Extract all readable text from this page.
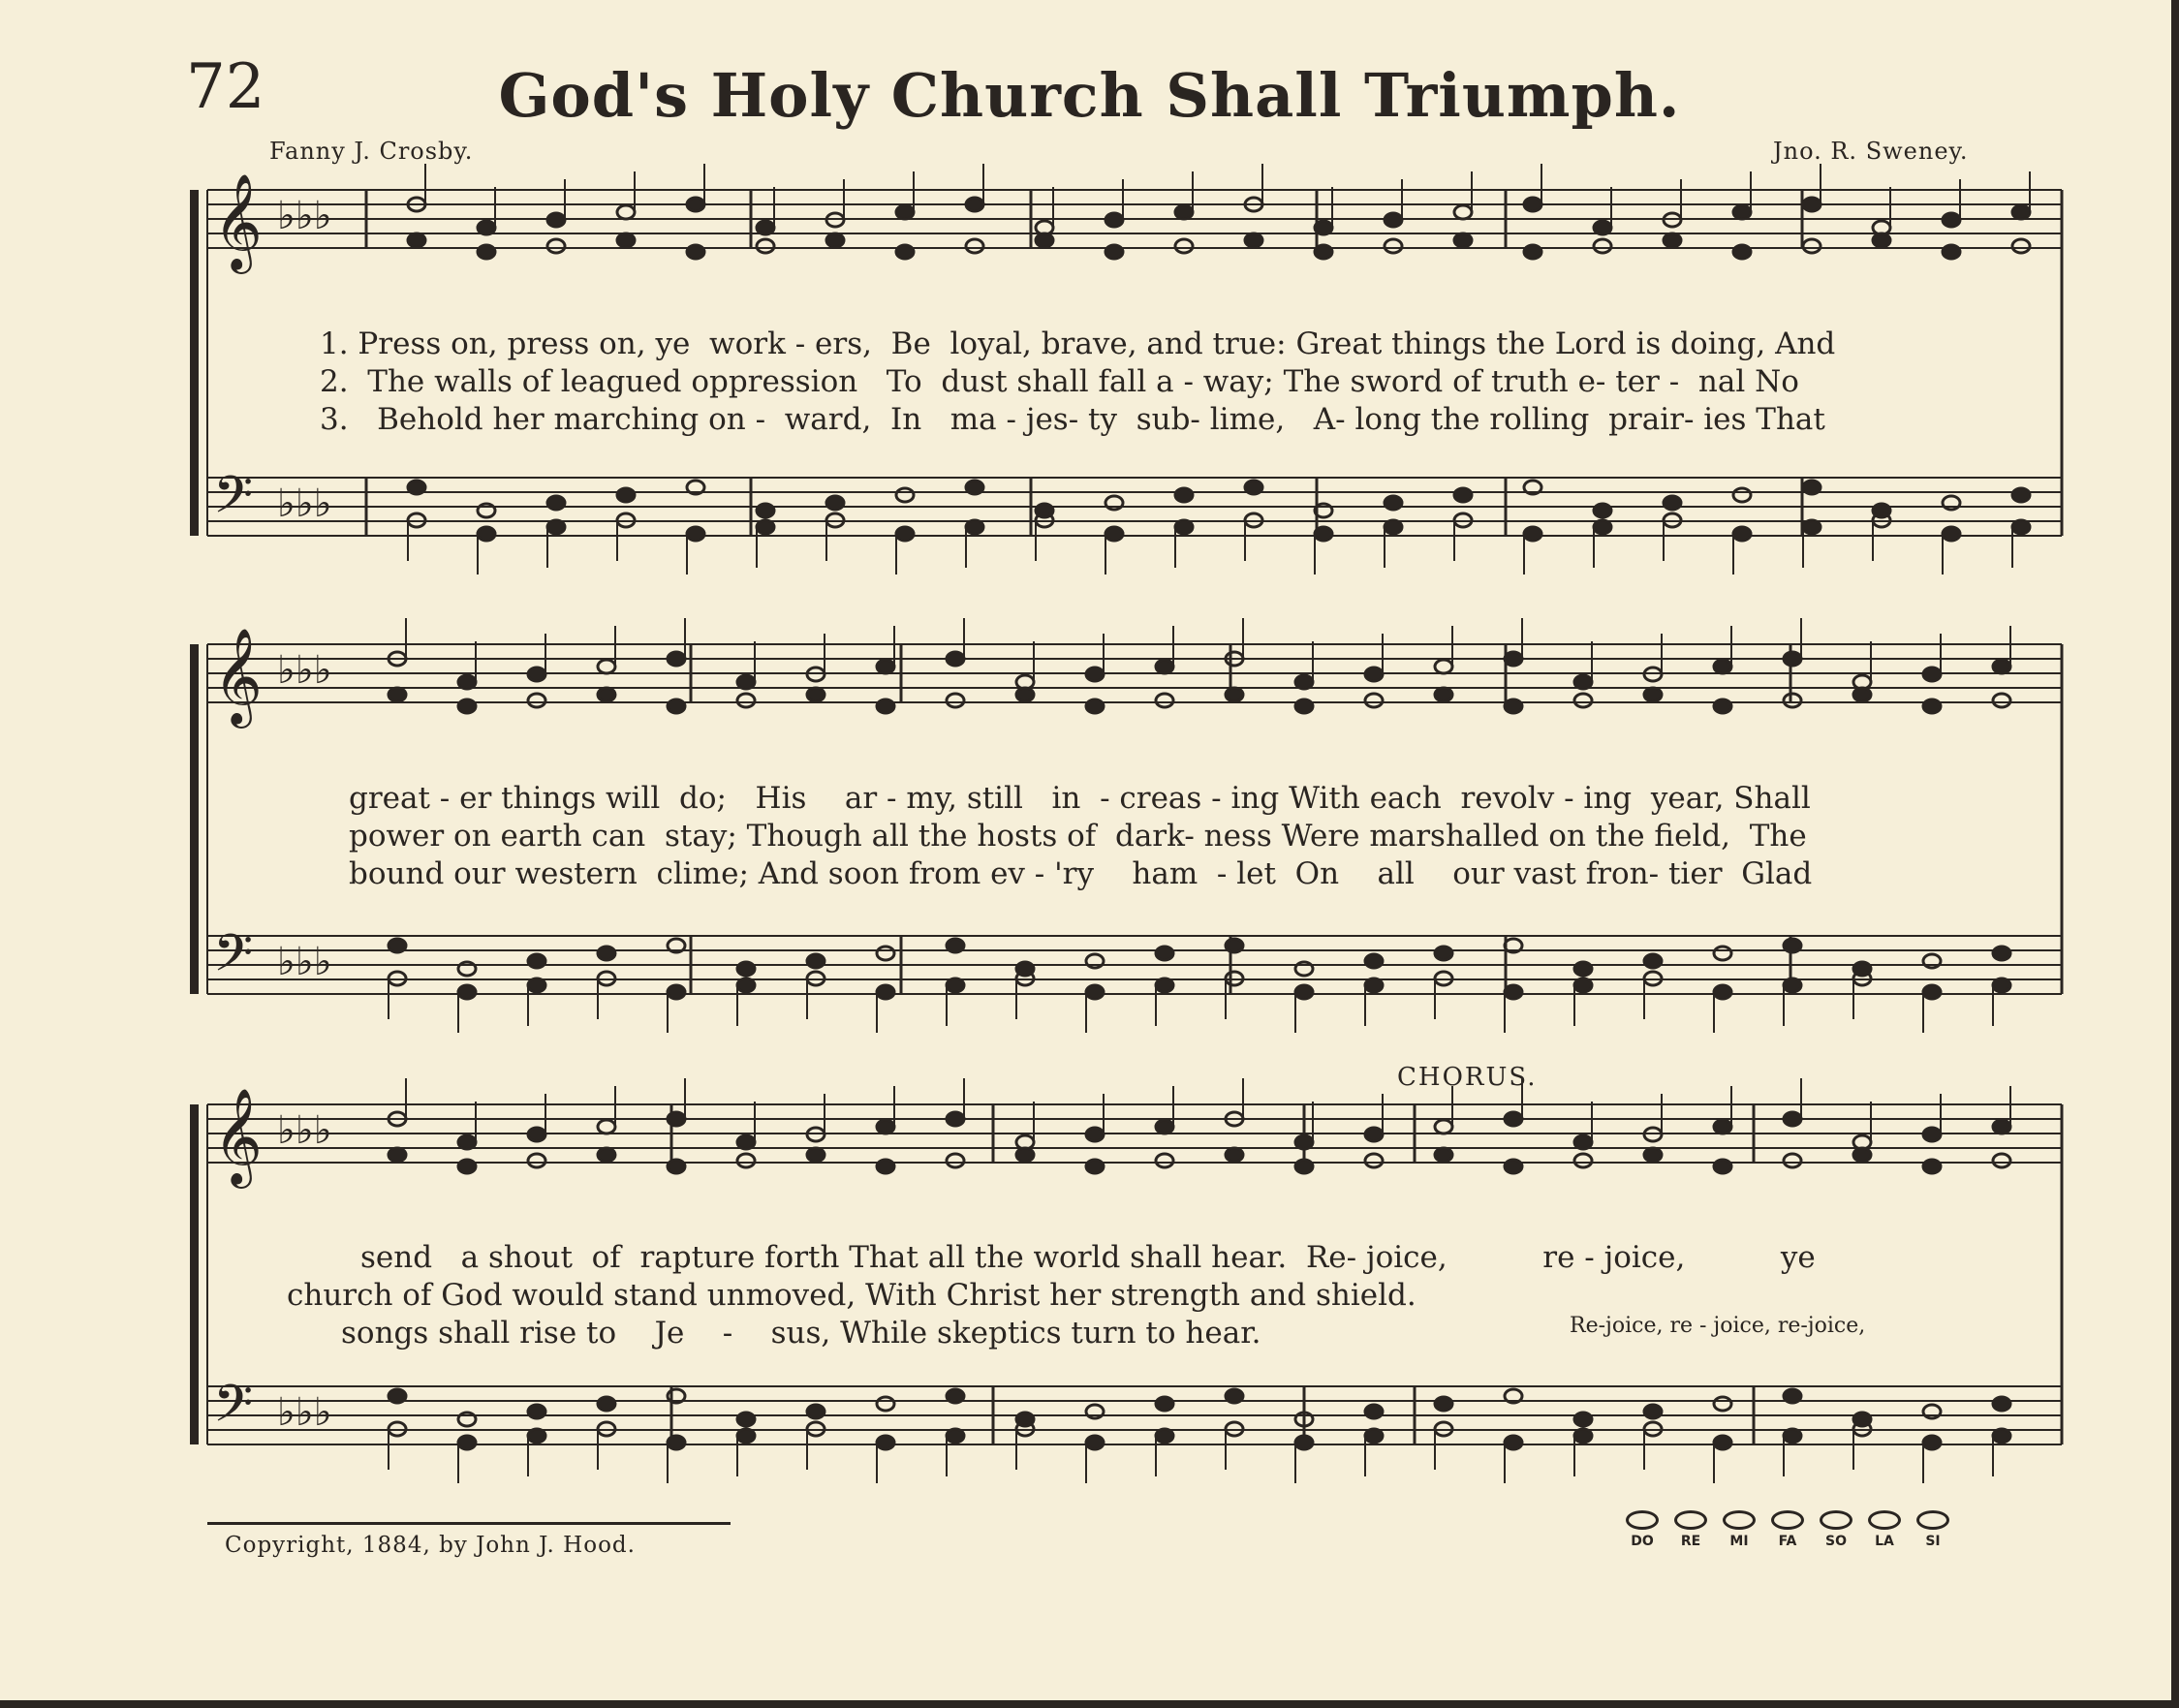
72	God's Holy Church Shall Triumph.
Fanny J. Crosby.	Jno. R. Sweney.
𝄞 ♭♭♭
𝄢 ♭♭♭
𝄞 ♭♭♭
𝄢 ♭♭♭
𝄞 ♭♭♭
𝄢 ♭♭♭
1. Press on, press on, ye  work - ers,  Be  loyal, brave, and true: Great things the Lord is doing, And
2.  The walls of leagued oppression   To  dust shall fall a - way; The sword of truth e- ter -  nal No
3.   Behold her marching on -  ward,  In   ma - jes- ty  sub- lime,   A- long the rolling  prair- ies That
great - er things will  do;   His    ar - my, still   in  - creas - ing With each  revolv - ing  year, Shall
power on earth can  stay; Though all the hosts of  dark- ness Were marshalled on the field,  The
bound our western  clime; And soon from ev - 'ry    ham  - let  On    all    our vast fron- tier  Glad
send   a shout  of  rapture forth That all the world shall hear.  Re- joice,          re - joice,          ye
church of God would stand unmoved, With Christ her strength and shield.
songs shall rise to    Je    -    sus, While skeptics turn to hear.
CHORUS.
Re-joice, re - joice, re-joice,
Copyright, 1884, by John J. Hood.	DO RE MI FA SO LA SI
